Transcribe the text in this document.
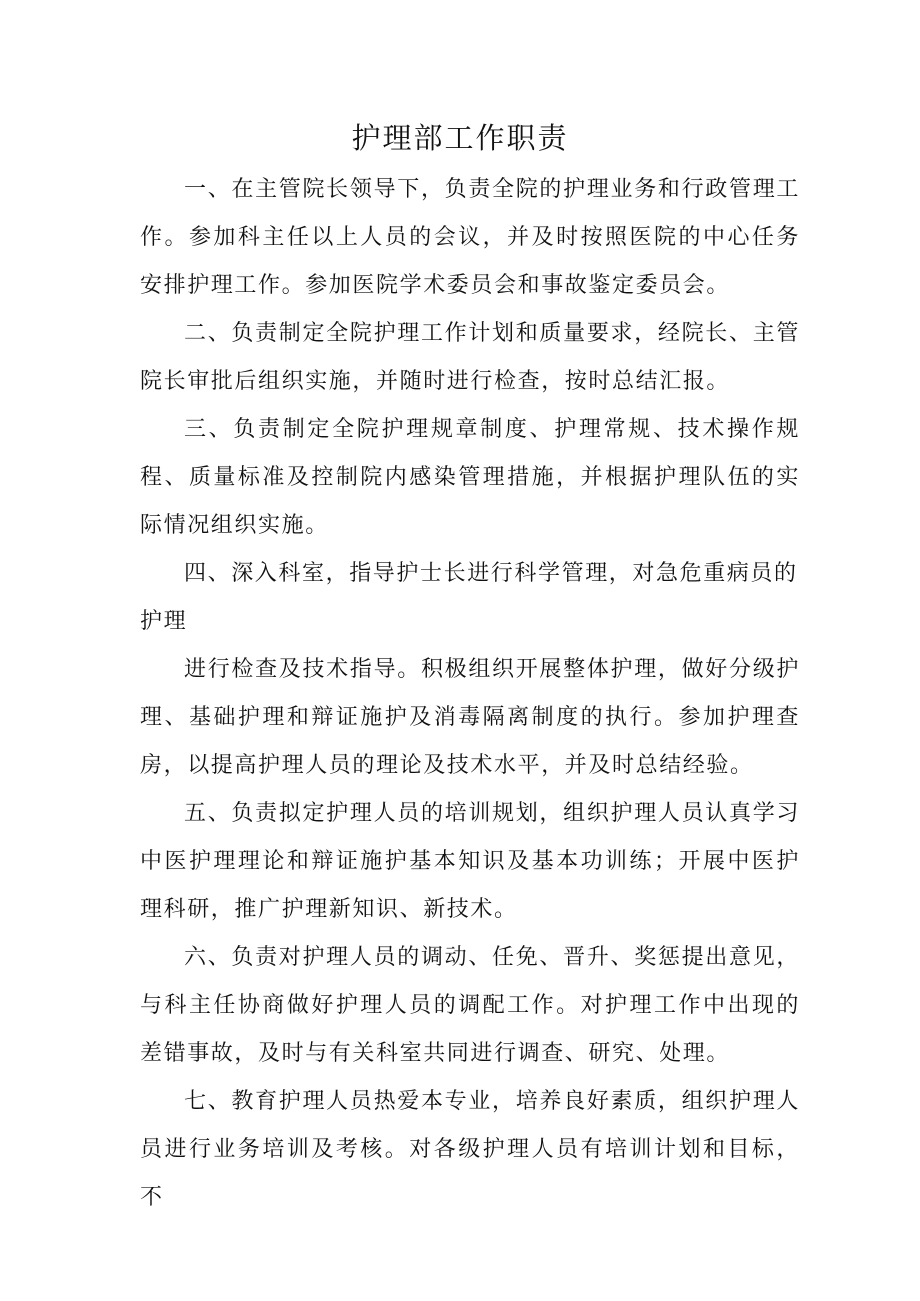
护理部工作职责

一、在主管院长领导下，负责全院的护理业务和行政管理工作。参加科主任以上人员的会议，并及时按照医院的中心任务安排护理工作。参加医院学术委员会和事故鉴定委员会。

二、负责制定全院护理工作计划和质量要求，经院长、主管院长审批后组织实施，并随时进行检查，按时总结汇报。

三、负责制定全院护理规章制度、护理常规、技术操作规程、质量标准及控制院内感染管理措施，并根据护理队伍的实际情况组织实施。

四、深入科室，指导护士长进行科学管理，对急危重病员的

护理

进行检查及技术指导。积极组织开展整体护理，做好分级护理、基础护理和辩证施护及消毒隔离制度的执行。参加护理查房，以提高护理人员的理论及技术水平，并及时总结经验。

五、负责拟定护理人员的培训规划，组织护理人员认真学习中医护理理论和辩证施护基本知识及基本功训练；开展中医护理科研，推广护理新知识、新技术。

六、负责对护理人员的调动、任免、晋升、奖惩提出意见，与科主任协商做好护理人员的调配工作。对护理工作中出现的差错事故，及时与有关科室共同进行调查、研究、处理。

七、教育护理人员热爱本专业，培养良好素质，组织护理人员进行业务培训及考核。对各级护理人员有培训计划和目标，不
